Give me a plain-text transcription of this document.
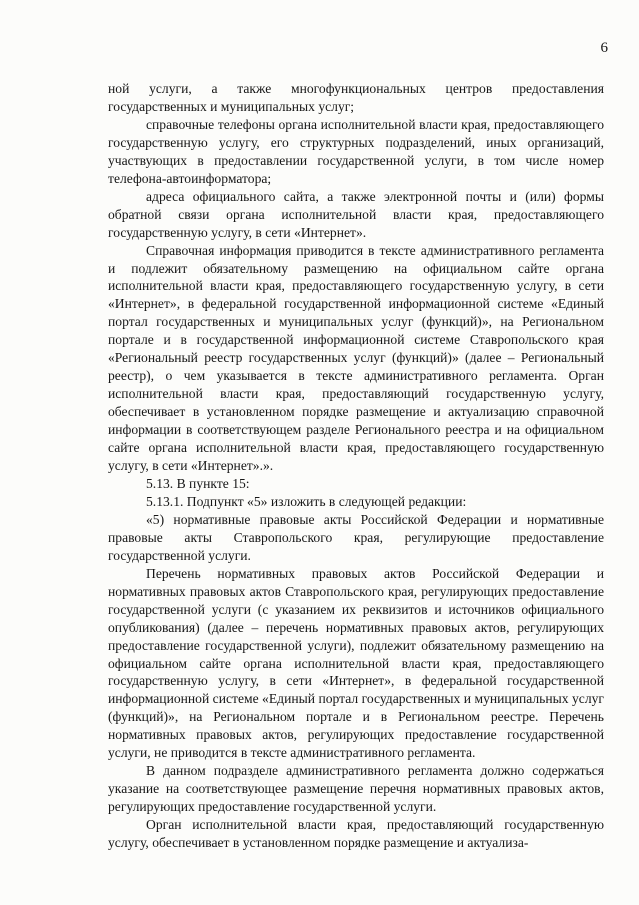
6

ной услуги, а также многофункциональных центров предоставления государственных и муниципальных услуг;

справочные телефоны органа исполнительной власти края, предоставляющего государственную услугу, его структурных подразделений, иных организаций, участвующих в предоставлении государственной услуги, в том числе номер телефона-автоинформатора;

адреса официального сайта, а также электронной почты и (или) формы обратной связи органа исполнительной власти края, предоставляющего государственную услугу, в сети «Интернет».

Справочная информация приводится в тексте административного регламента и подлежит обязательному размещению на официальном сайте органа исполнительной власти края, предоставляющего государственную услугу, в сети «Интернет», в федеральной государственной информационной системе «Единый портал государственных и муниципальных услуг (функций)», на Региональном портале и в государственной информационной системе Ставропольского края «Региональный реестр государственных услуг (функций)» (далее – Региональный реестр), о чем указывается в тексте административного регламента. Орган исполнительной власти края, предоставляющий государственную услугу, обеспечивает в установленном порядке размещение и актуализацию справочной информации в соответствующем разделе Регионального реестра и на официальном сайте органа исполнительной власти края, предоставляющего государственную услугу, в сети «Интернет».».

5.13. В пункте 15:

5.13.1. Подпункт «5» изложить в следующей редакции:

«5) нормативные правовые акты Российской Федерации и нормативные правовые акты Ставропольского края, регулирующие предоставление государственной услуги.

Перечень нормативных правовых актов Российской Федерации и нормативных правовых актов Ставропольского края, регулирующих предоставление государственной услуги (с указанием их реквизитов и источников официального опубликования) (далее – перечень нормативных правовых актов, регулирующих предоставление государственной услуги), подлежит обязательному размещению на официальном сайте органа исполнительной власти края, предоставляющего государственную услугу, в сети «Интернет», в федеральной государственной информационной системе «Единый портал государственных и муниципальных услуг (функций)», на Региональном портале и в Региональном реестре. Перечень нормативных правовых актов, регулирующих предоставление государственной услуги, не приводится в тексте административного регламента.

В данном подразделе административного регламента должно содержаться указание на соответствующее размещение перечня нормативных правовых актов, регулирующих предоставление государственной услуги.

Орган исполнительной власти края, предоставляющий государственную услугу, обеспечивает в установленном порядке размещение и актуализа-
